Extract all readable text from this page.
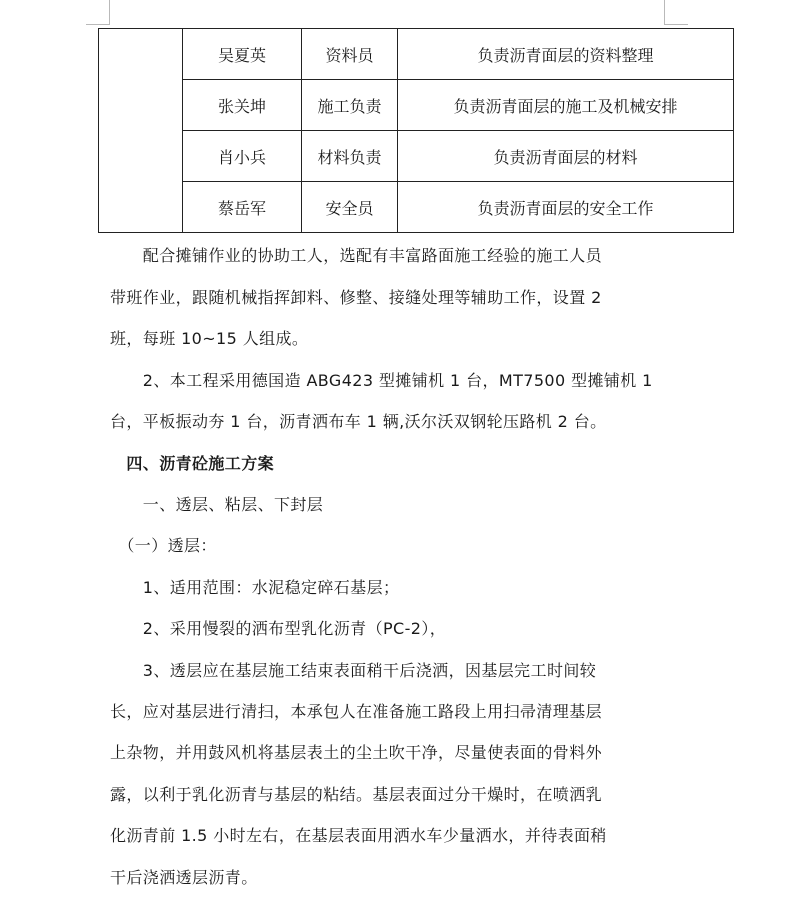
	吴夏英	资料员	负责沥青面层的资料整理
	张关坤	施工负责	负责沥青面层的施工及机械安排
	肖小兵	材料负责	负责沥青面层的材料
	蔡岳军	安全员	负责沥青面层的安全工作

　　配合摊铺作业的协助工人，选配有丰富路面施工经验的施工人员

带班作业，跟随机械指挥卸料、修整、接缝处理等辅助工作，设置 2

班，每班 10~15 人组成。

　　2、本工程采用德国造 ABG423 型摊铺机 1 台，MT7500 型摊铺机 1

台，平板振动夯 1 台，沥青洒布车 1 辆,沃尔沃双钢轮压路机 2 台。

　四、沥青砼施工方案

　　一、透层、粘层、下封层

　（一）透层：

　　1、适用范围：水泥稳定碎石基层；

　　2、采用慢裂的洒布型乳化沥青（PC-2），

　　3、透层应在基层施工结束表面稍干后浇洒，因基层完工时间较

长，应对基层进行清扫，本承包人在准备施工路段上用扫帚清理基层

上杂物，并用鼓风机将基层表土的尘土吹干净，尽量使表面的骨料外

露，以利于乳化沥青与基层的粘结。基层表面过分干燥时，在喷洒乳

化沥青前 1.5 小时左右，在基层表面用洒水车少量洒水，并待表面稍

干后浇洒透层沥青。
